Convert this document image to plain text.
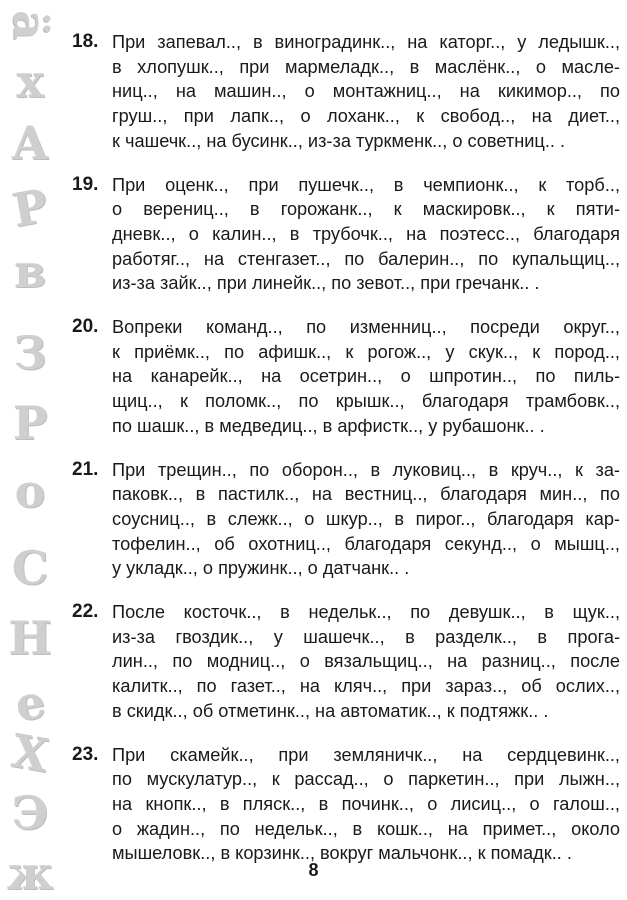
ä
х
А
Р
в
З
Р
о
С
Н
е
Х
Э
ж
18. При запевал.., в виноградинк.., на каторг.., у ледышк..,
в хлопушк.., при мармеладк.., в маслёнк.., о масле-
ниц.., на машин.., о монтажниц.., на кикимор.., по
груш.., при лапк.., о лоханк.., к свобод.., на диет..,
к чашечк.., на бусинк.., из-за туркменк.., о советниц.. .
19. При оценк.., при пушечк.., в чемпионк.., к торб..,
о верениц.., в горожанк.., к маскировк.., к пяти-
дневк.., о калин.., в трубочк.., на поэтесс.., благодаря
работяг.., на стенгазет.., по балерин.., по купальщиц..,
из-за зайк.., при линейк.., по зевот.., при гречанк.. .
20. Вопреки команд.., по изменниц.., посреди округ..,
к приёмк.., по афишк.., к рогож.., у скук.., к пород..,
на канарейк.., на осетрин.., о шпротин.., по пиль-
щиц.., к поломк.., по крышк.., благодаря трамбовк..,
по шашк.., в медведиц.., в арфистк.., у рубашонк.. .
21. При трещин.., по оборон.., в луковиц.., в круч.., к за-
паковк.., в пастилк.., на вестниц.., благодаря мин.., по
соусниц.., в слежк.., о шкур.., в пирог.., благодаря кар-
тофелин.., об охотниц.., благодаря секунд.., о мышц..,
у укладк.., о пружинк.., о датчанк.. .
22. После косточк.., в недельк.., по девушк.., в щук..,
из-за гвоздик.., у шашечк.., в разделк.., в прога-
лин.., по модниц.., о вязальщиц.., на разниц.., после
калитк.., по газет.., на кляч.., при зараз.., об ослих..,
в скидк.., об отметинк.., на автоматик.., к подтяжк.. .
23. При скамейк.., при земляничк.., на сердцевинк..,
по мускулатур.., к рассад.., о паркетин.., при лыжн..,
на кнопк.., в пляск.., в починк.., о лисиц.., о галош..,
о жадин.., по недельк.., в кошк.., на примет.., около
мышеловк.., в корзинк.., вокруг мальчонк.., к помадк.. .
8
